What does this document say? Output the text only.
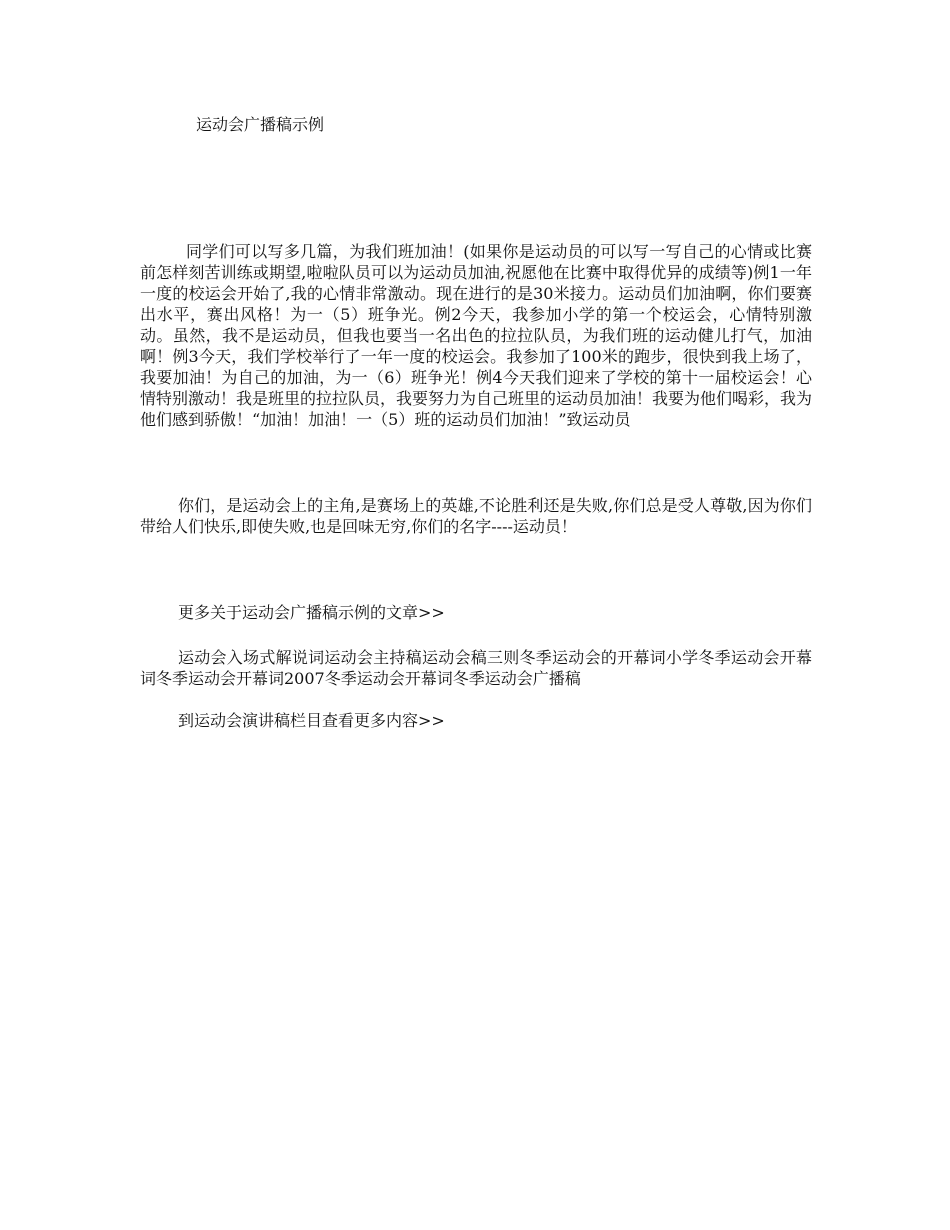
运动会广播稿示例

同学们可以写多几篇，为我们班加油！(如果你是运动员的可以写一写自己的心情或比赛前怎样刻苦训练或期望,啦啦队员可以为运动员加油,祝愿他在比赛中取得优异的成绩等)例1一年一度的校运会开始了,我的心情非常激动。现在进行的是30米接力。运动员们加油啊，你们要赛出水平，赛出风格！为一（5）班争光。例2今天，我参加小学的第一个校运会，心情特别激动。虽然，我不是运动员，但我也要当一名出色的拉拉队员，为我们班的运动健儿打气，加油啊！例3今天，我们学校举行了一年一度的校运会。我参加了100米的跑步，很快到我上场了，我要加油！为自己的加油，为一（6）班争光！例4今天我们迎来了学校的第十一届校运会！心情特别激动！我是班里的拉拉队员，我要努力为自己班里的运动员加油！我要为他们喝彩，我为他们感到骄傲！“加油！加油！一（5）班的运动员们加油！”致运动员

你们，是运动会上的主角,是赛场上的英雄,不论胜利还是失败,你们总是受人尊敬,因为你们带给人们快乐,即使失败,也是回味无穷,你们的名字----运动员！

更多关于运动会广播稿示例的文章>>

运动会入场式解说词运动会主持稿运动会稿三则冬季运动会的开幕词小学冬季运动会开幕词冬季运动会开幕词2007冬季运动会开幕词冬季运动会广播稿

到运动会演讲稿栏目查看更多内容>>
